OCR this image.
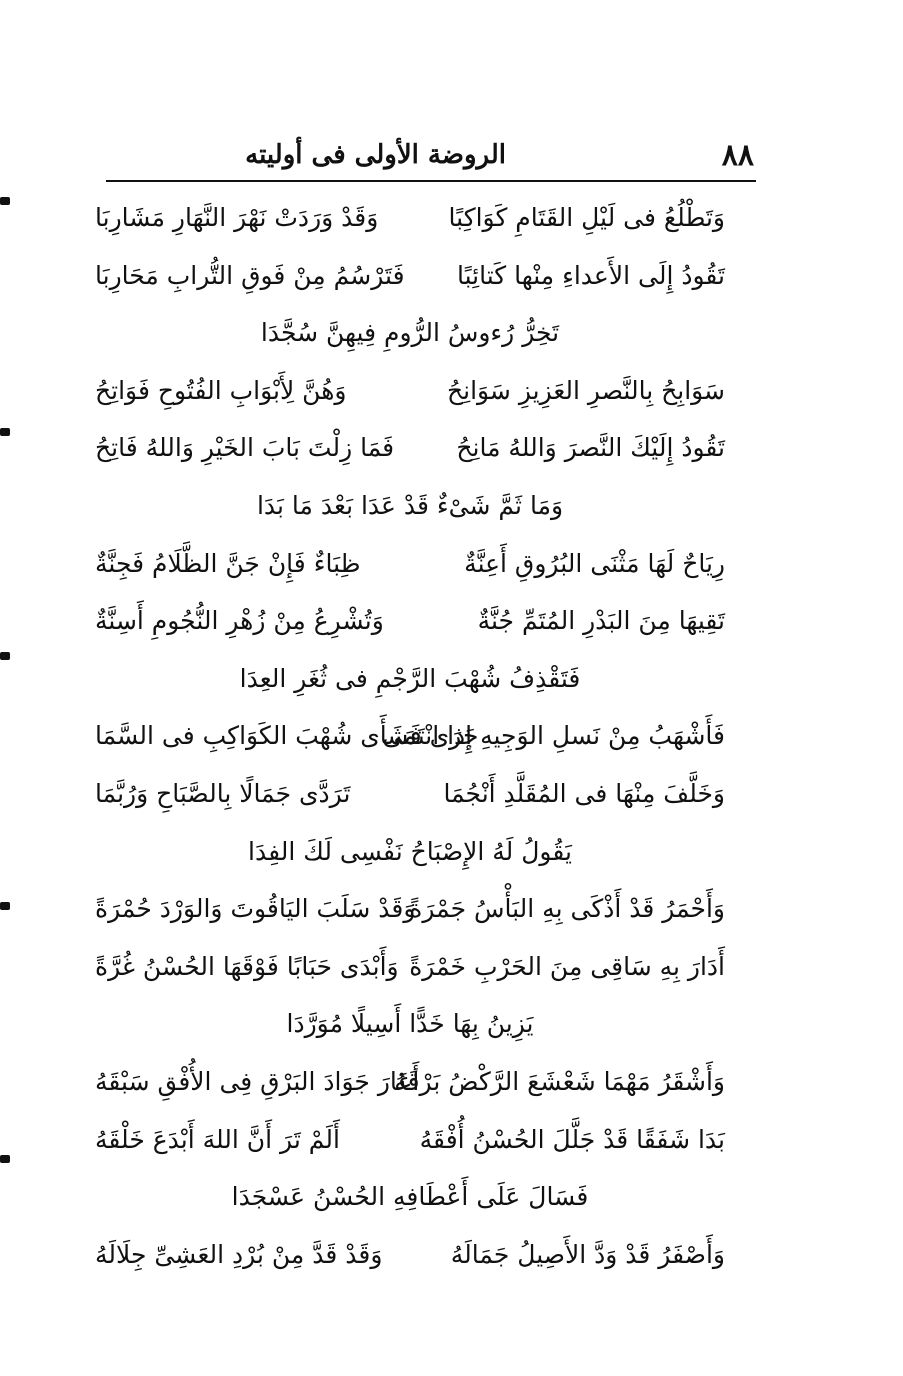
٨٨
الروضة الأولى فى أوليته
وَتَطْلُعُ فى لَيْلِ القَتَامِ كَوَاكِبًا
وَقَدْ وَرَدَتْ نَهْرَ النَّهَارِ مَشَارِبَا
تَقُودُ إِلَى الأَعداءِ مِنْها كَتائِبًا
فَتَرْسُمُ مِنْ فَوقِ التُّرابِ مَحَارِبَا
تَخِرُّ رُءوسُ الرُّومِ فِيهِنَّ سُجَّدَا
سَوَابِحُ بِالنَّصرِ العَزِيزِ سَوَانِحُ
وَهُنَّ لِأَبْوَابِ الفُتُوحِ فَوَاتِحُ
تَقُودُ إِلَيْكَ النَّصرَ وَاللهُ مَانِحُ
فَمَا زِلْتَ بَابَ الخَيْرِ وَاللهُ فَاتِحُ
وَمَا ثَمَّ شَىْءٌ قَدْ عَدَا بَعْدَ مَا بَدَا
رِيَاحٌ لَهَا مَثْنَى البُرُوقِ أَعِنَّةٌ
ظِبَاءٌ فَإِنْ جَنَّ الظَّلَامُ فَجِنَّةٌ
تَقِيهَا مِنَ البَدْرِ المُتَمِّ جُنَّةٌ
وَتُشْرِعُ مِنْ زُهْرِ النُّجُومِ أَسِنَّةٌ
فَتَقْذِفُ شُهْبَ الرَّجْمِ فى ثُغَرِ العِدَا
فَأَشْهَبُ مِنْ نَسلِ الوَجِيهِ إِذا انْتَمَى
جَرَى فَشَأَى شُهْبَ الكَوَاكِبِ فى السَّمَا
وَخَلَّفَ مِنْهَا فى المُقَلَّدِ أَنْجُمَا
تَرَدَّى جَمَالًا بِالصَّبَاحِ وَرُبَّمَا
يَقُولُ لَهُ الإِصْبَاحُ نَفْسِى لَكَ الفِدَا
وَأَحْمَرُ قَدْ أَذْكَى بِهِ البَأْسُ جَمْرَةً
وَقَدْ سَلَبَ اليَاقُوتَ وَالوَرْدَ حُمْرَةً
أَدَارَ بِهِ سَاقِى مِنَ الحَرْبِ خَمْرَةً
وَأَبْدَى حَبَابًا فَوْقَهَا الحُسْنُ غُرَّةً
يَزِينُ بِهَا خَدًّا أَسِيلًا مُوَرَّدَا
وَأَشْقَرُ مَهْمَا شَعْشَعَ الرَّكْضُ بَرْقَهُ
أَعَارَ جَوَادَ البَرْقِ فِى الأُفْقِ سَبْقَهُ
بَدَا شَفَقًا قَدْ جَلَّلَ الحُسْنُ أُفْقَهُ
أَلَمْ تَرَ أَنَّ اللهَ أَبْدَعَ خَلْقَهُ
فَسَالَ عَلَى أَعْطَافِهِ الحُسْنُ عَسْجَدَا
وَأَصْفَرُ قَدْ وَدَّ الأَصِيلُ جَمَالَهُ
وَقَدْ قَدَّ مِنْ بُرْدِ العَشِىِّ جِلَالَهُ
